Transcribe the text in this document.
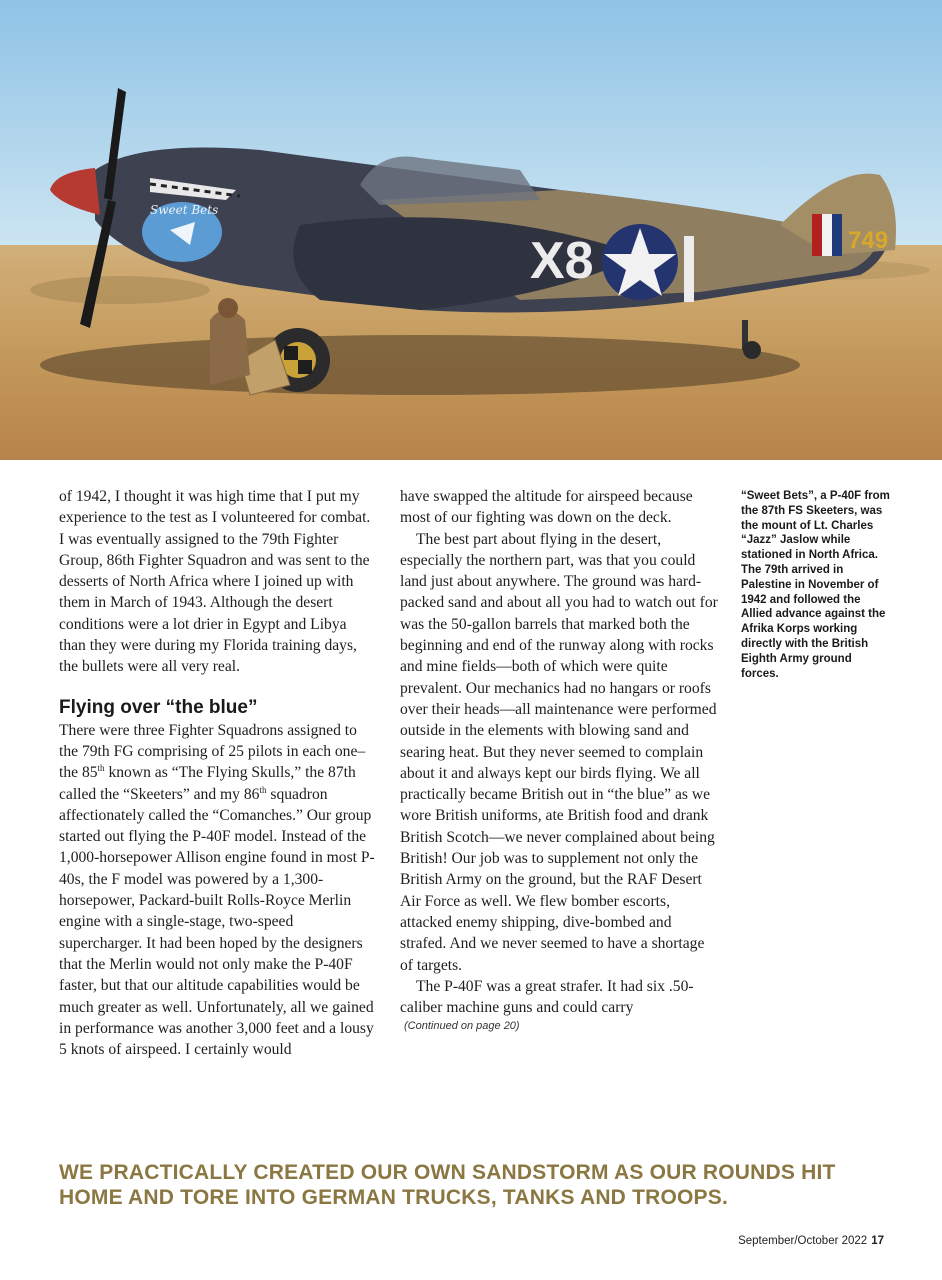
749
X8
Sweet Bets

of 1942, I thought it was high time that I put my experience to the test as I volunteered for combat. I was eventually assigned to the 79th Fighter Group, 86th Fighter Squadron and was sent to the desserts of North Africa where I joined up with them in March of 1943. Although the desert conditions were a lot drier in Egypt and Libya than they were during my Florida training days, the bullets were all very real.

Flying over “the blue”

There were three Fighter Squadrons assigned to the 79th FG comprising of 25 pilots in each one–the 85th known as “The Flying Skulls,” the 87th called the “Skeeters” and my 86th squadron affectionately called the “Comanches.” Our group started out flying the P-40F model. Instead of the 1,000-horsepower Allison engine found in most P-40s, the F model was powered by a 1,300-horsepower, Packard-built Rolls-Royce Merlin engine with a single-stage, two-speed supercharger. It had been hoped by the designers that the Merlin would not only make the P-40F faster, but that our altitude capabilities would be much greater as well. Unfortunately, all we gained in performance was another 3,000 feet and a lousy 5 knots of airspeed. I certainly would

have swapped the altitude for airspeed because most of our fighting was down on the deck.

The best part about flying in the desert, especially the northern part, was that you could land just about anywhere. The ground was hard-packed sand and about all you had to watch out for was the 50-gallon barrels that marked both the beginning and end of the runway along with rocks and mine fields—both of which were quite prevalent. Our mechanics had no hangars or roofs over their heads—all maintenance were performed outside in the elements with blowing sand and searing heat. But they never seemed to complain about it and always kept our birds flying. We all practically became British out in “the blue” as we wore British uniforms, ate British food and drank British Scotch—we never complained about being British! Our job was to supplement not only the British Army on the ground, but the RAF Desert Air Force as well. We flew bomber escorts, attacked enemy shipping, dive-bombed and strafed. And we never seemed to have a shortage of targets.

The P-40F was a great strafer. It had six .50-caliber machine guns and could carry

(Continued on page 20)
“Sweet Bets”, a P-40F from the 87th FS Skeeters, was the mount of Lt. Charles “Jazz” Jaslow while stationed in North Africa. The 79th arrived in Palestine in November of 1942 and followed the Allied advance against the Afrika Korps working directly with the British Eighth Army ground forces.
WE PRACTICALLY CREATED OUR OWN SANDSTORM AS OUR ROUNDS HIT HOME AND TORE INTO GERMAN TRUCKS, TANKS AND TROOPS.
September/October 2022 17
